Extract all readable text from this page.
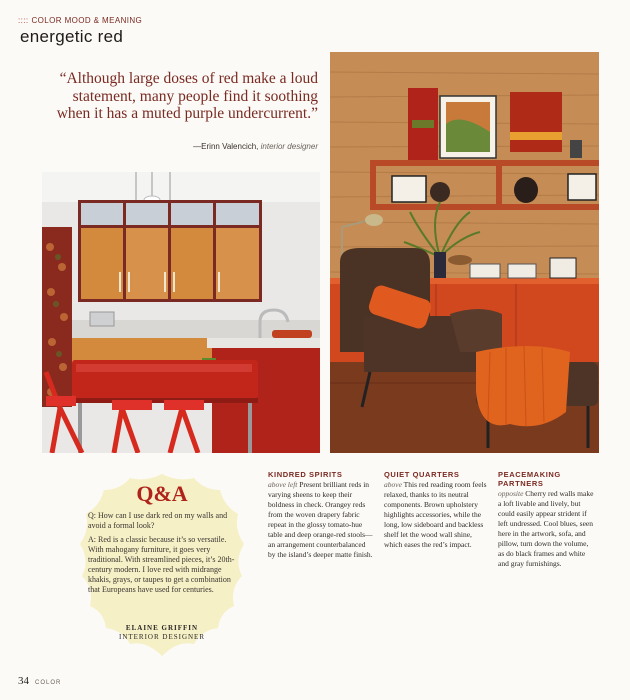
:::: COLOR MOOD & MEANING
energetic red
“Although large doses of red make a loud statement, many people find it soothing when it has a muted purple undercurrent.”
—Erinn Valencich, interior designer
Q&A
Q: How can I use dark red on my walls and avoid a formal look?
A: Red is a classic because it’s so versatile. With mahogany furniture, it goes very traditional. With streamlined pieces, it’s 20th-century modern. I love red with midrange khakis, grays, or taupes to get a combination that Europeans have used for centuries.
ELAINE GRIFFIN
INTERIOR DESIGNER
KINDRED SPIRITS
above left Present brilliant reds in varying sheens to keep their boldness in check. Orangey reds from the woven drapery fabric repeat in the glossy tomato-hue table and deep orange-red stools—an arrangement counterbalanced by the island’s deeper matte finish.
QUIET QUARTERS
above This red reading room feels relaxed, thanks to its neutral components. Brown upholstery highlights accessories, while the long, low sideboard and backless shelf let the wood wall shine, which eases the red’s impact.
PEACEMAKING PARTNERS
opposite Cherry red walls make a loft livable and lively, but could easily appear strident if left undressed. Cool blues, seen here in the artwork, sofa, and pillow, turn down the volume, as do black frames and white and gray furnishings.
34 COLOR
